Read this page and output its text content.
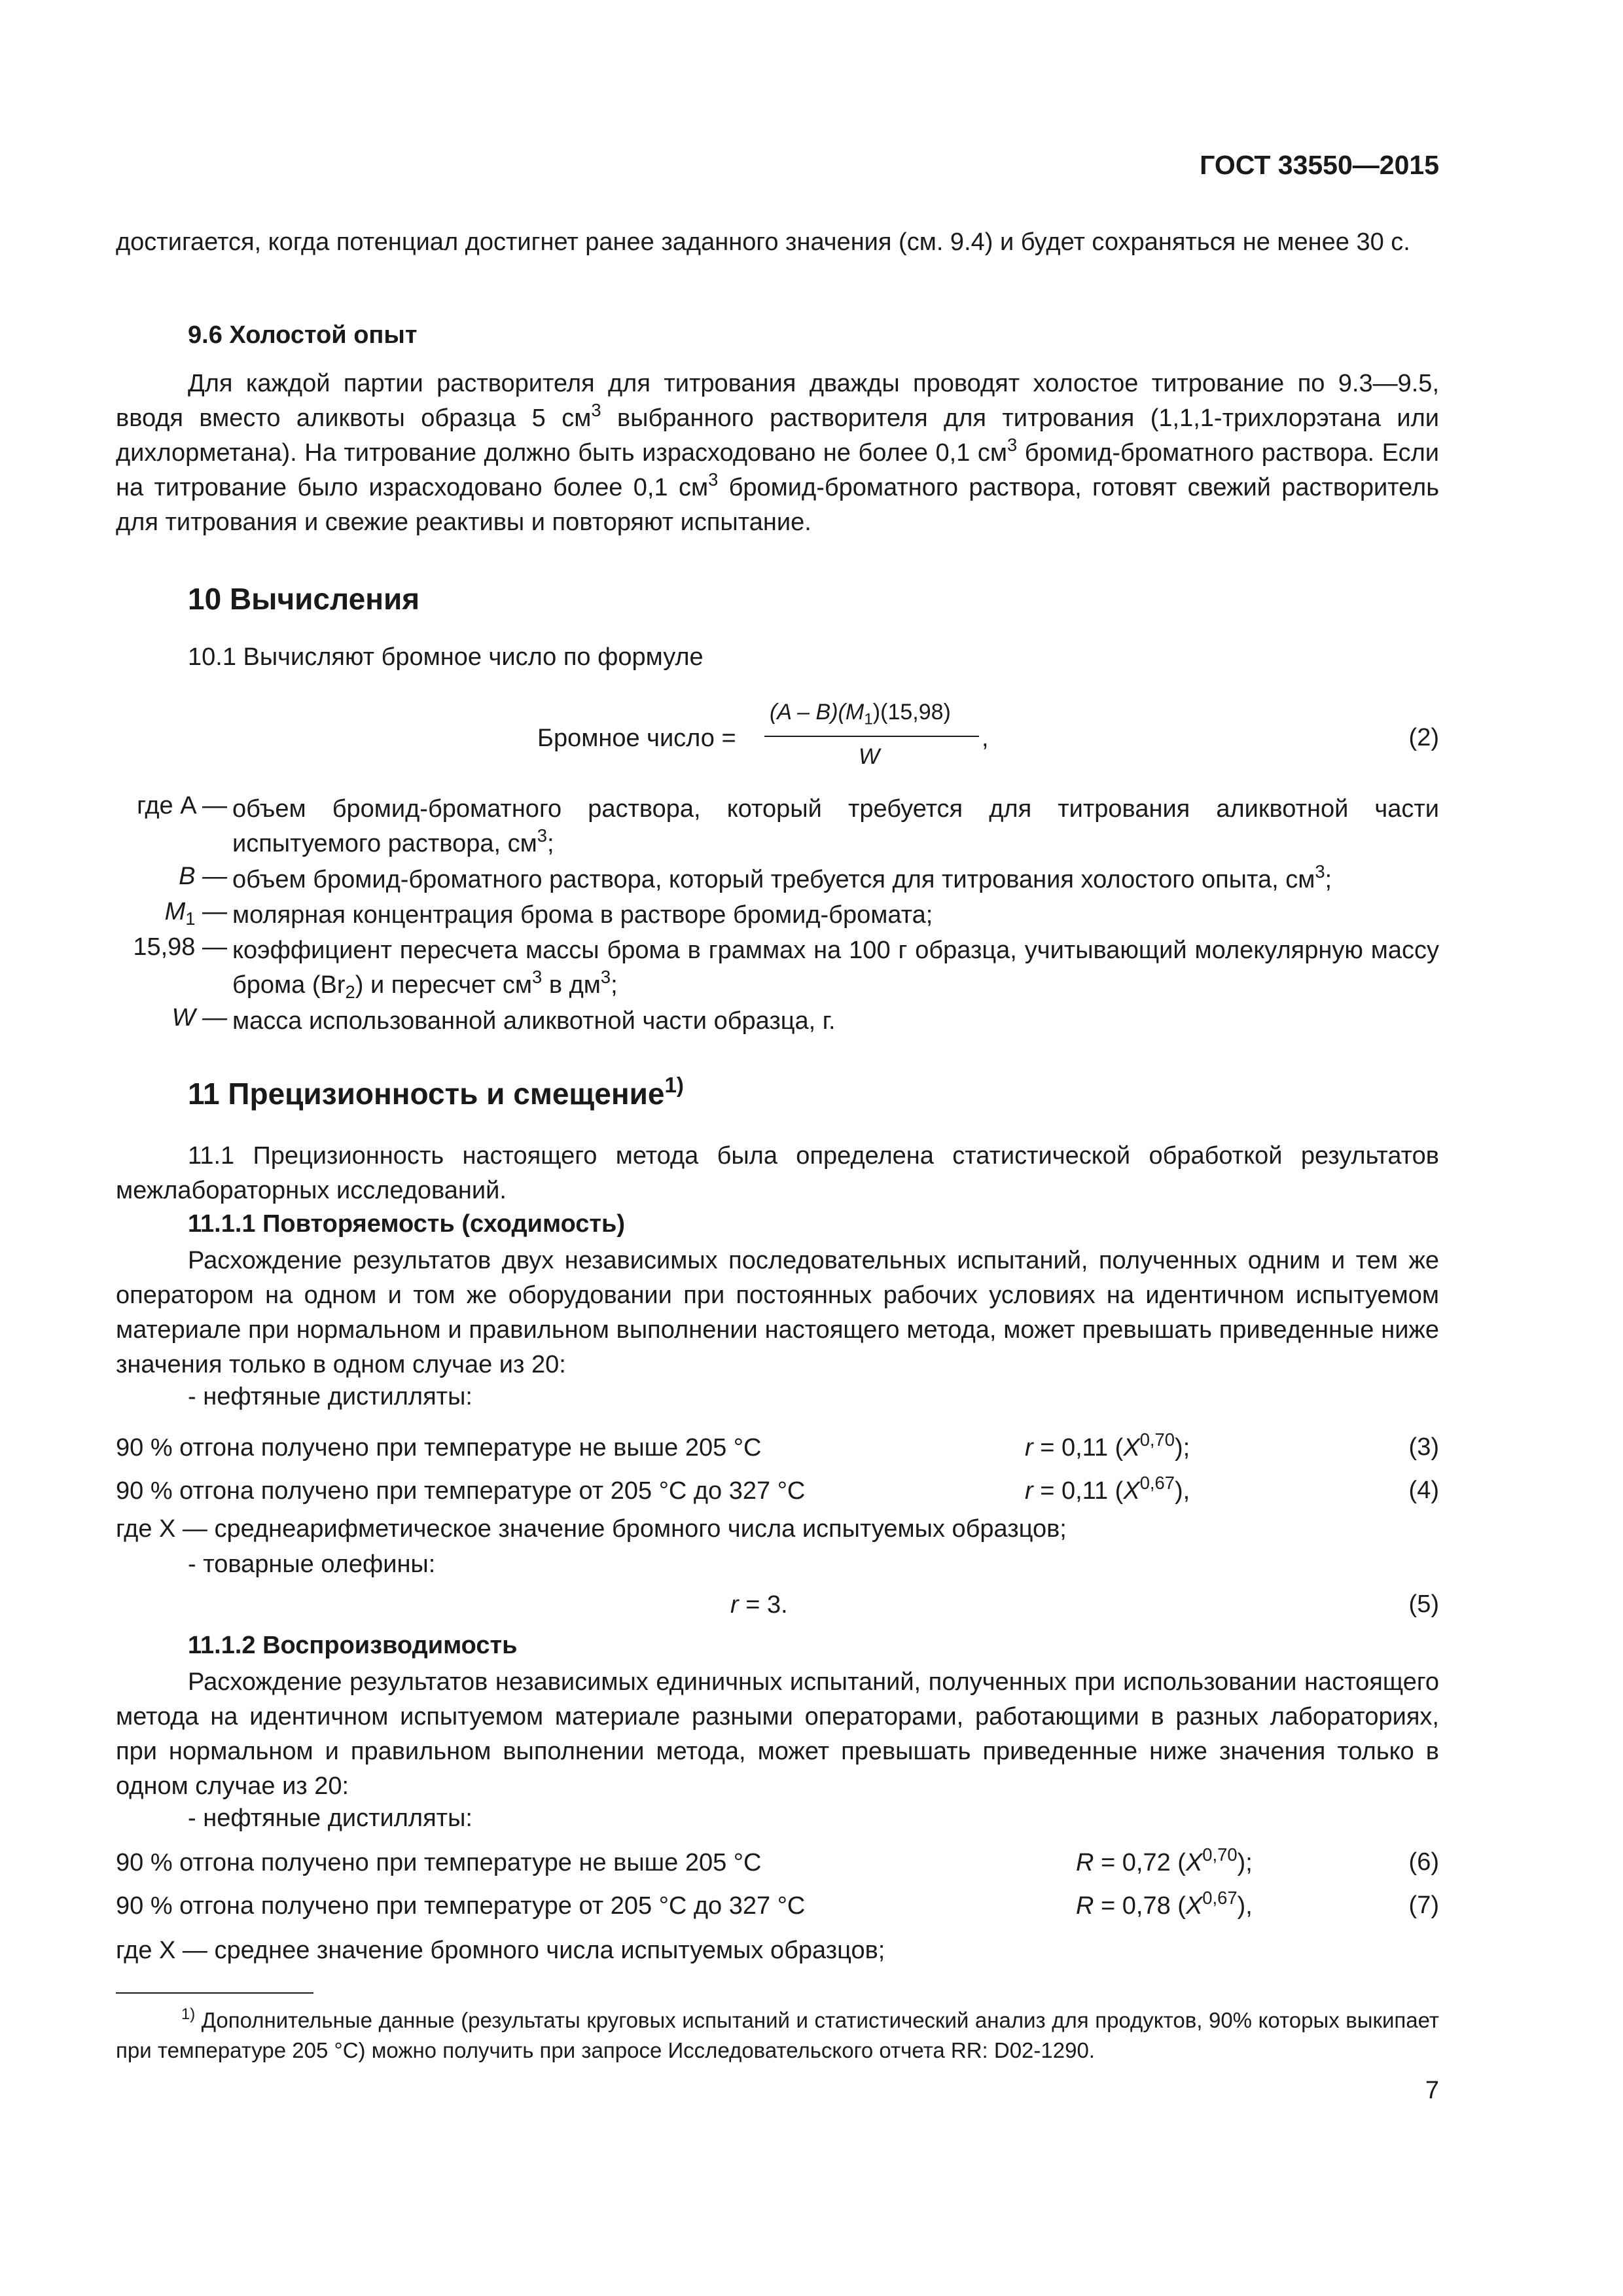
ГОСТ 33550—2015
достигается, когда потенциал достигнет ранее заданного значения (см. 9.4) и будет сохраняться не менее 30 с.
9.6 Холостой опыт
Для каждой партии растворителя для титрования дважды проводят холостое титрование по 9.3—9.5, вводя вместо аликвоты образца 5 $см^3$ выбранного растворителя для титрования (1,1,1-трихлорэтана или дихлорметана). На титрование должно быть израсходовано не более 0,1 $см^3$ бромид-броматного раствора. Если на титрование было израсходовано более 0,1 $см^3$ бромид-броматного раствора, готовят свежий растворитель для титрования и свежие реактивы и повторяют испытание.
10 Вычисления
10.1 Вычисляют бромное число по формуле
Бромное число =
$(A - B)(M_1)(15,98)$
W
,	(2)
где A — объем бромид-броматного раствора, который требуется для титрования аликвотной части испытуемого раствора, $см^3$;
B — объем бромид-броматного раствора, который требуется для титрования холостого опыта, $см^3$;
$M_1$ — молярная концентрация брома в растворе бромид-бромата;
15,98 — коэффициент пересчета массы брома в граммах на 100 г образца, учитывающий молекулярную массу брома $(Br_2)$ и пересчет $см^3$ в $дм^3$;
W — масса использованной аликвотной части образца, г.
11 Прецизионность и смещение$^{1)}$
11.1 Прецизионность настоящего метода была определена статистической обработкой результатов межлабораторных исследований.
11.1.1 Повторяемость (сходимость)
Расхождение результатов двух независимых последовательных испытаний, полученных одним и тем же оператором на одном и том же оборудовании при постоянных рабочих условиях на идентичном испытуемом материале при нормальном и правильном выполнении настоящего метода, может превышать приведенные ниже значения только в одном случае из 20:
- нефтяные дистилляты:
90 % отгона получено при температуре не выше 205 °C	r = 0,11 $(X^{0,70})$;	(3)
90 % отгона получено при температуре от 205 °C до 327 °C	r = 0,11 $(X^{0,67})$,	(4)
где X — среднеарифметическое значение бромного числа испытуемых образцов;
- товарные олефины:
r = 3.	(5)
11.1.2 Воспроизводимость
Расхождение результатов независимых единичных испытаний, полученных при использовании настоящего метода на идентичном испытуемом материале разными операторами, работающими в разных лабораториях, при нормальном и правильном выполнении метода, может превышать приведенные ниже значения только в одном случае из 20:
- нефтяные дистилляты:
90 % отгона получено при температуре не выше 205 °C	R = 0,72 $(X^{0,70})$;	(6)
90 % отгона получено при температуре от 205 °C до 327 °C	R = 0,78 $(X^{0,67})$,	(7)
где X — среднее значение бромного числа испытуемых образцов;
$^{1)}$ Дополнительные данные (результаты круговых испытаний и статистический анализ для продуктов, 90% которых выкипает при температуре 205 °C) можно получить при запросе Исследовательского отчета RR: D02-1290.
7
